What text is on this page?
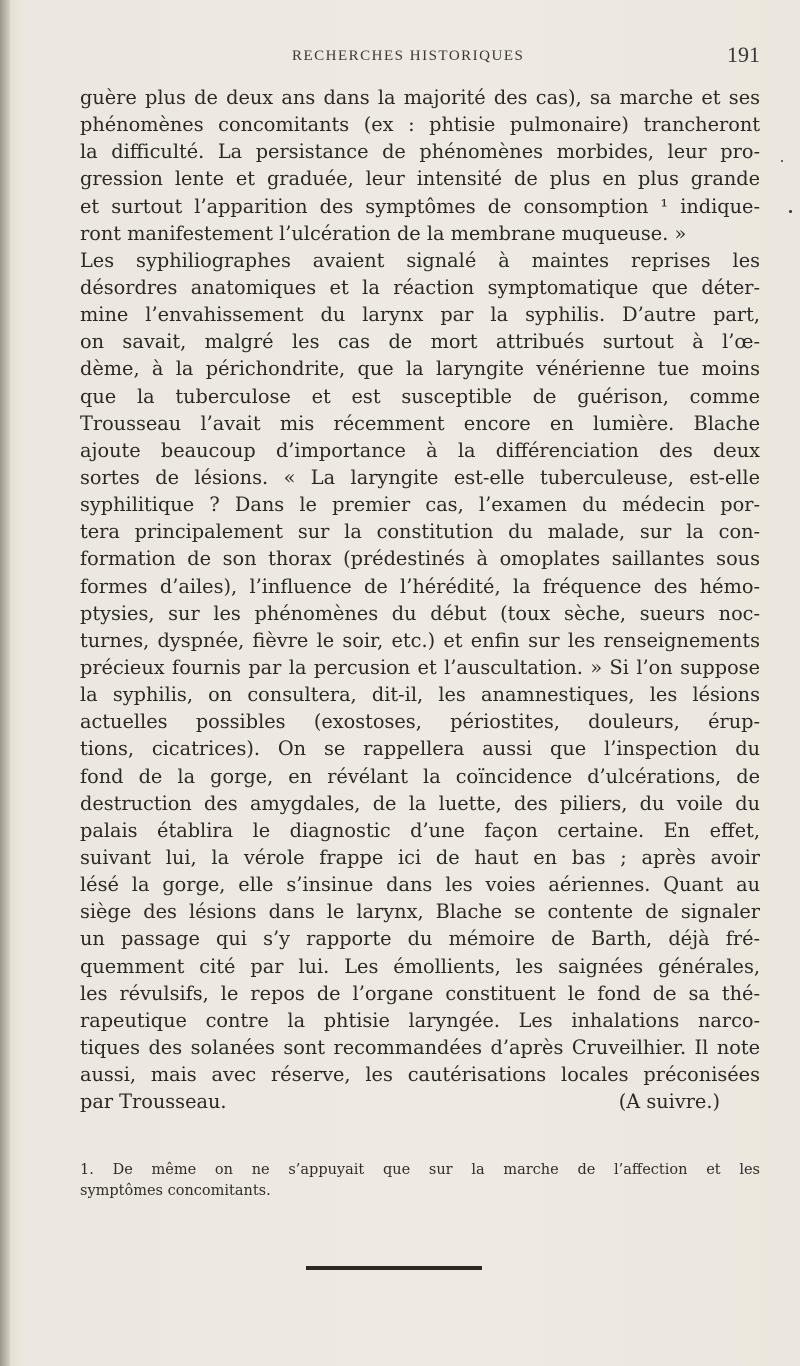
RECHERCHES HISTORIQUES	191
guère plus de deux ans dans la majorité des cas), sa marche et ses
phénomènes concomitants (ex : phtisie pulmonaire) trancheront
la difficulté. La persistance de phénomènes morbides, leur pro-
gression lente et graduée, leur intensité de plus en plus grande
et surtout l’apparition des symptômes de consomption ¹ indique-
ront manifestement l’ulcération de la membrane muqueuse. »
Les syphiliographes avaient signalé à maintes reprises les
désordres anatomiques et la réaction symptomatique que déter-
mine l’envahissement du larynx par la syphilis. D’autre part,
on savait, malgré les cas de mort attribués surtout à l’œ-
dème, à la périchondrite, que la laryngite vénérienne tue moins
que la tuberculose et est susceptible de guérison, comme
Trousseau l’avait mis récemment encore en lumière. Blache
ajoute beaucoup d’importance à la différenciation des deux
sortes de lésions. « La laryngite est-elle tuberculeuse, est-elle
syphilitique ? Dans le premier cas, l’examen du médecin por-
tera principalement sur la constitution du malade, sur la con-
formation de son thorax (prédestinés à omoplates saillantes sous
formes d’ailes), l’influence de l’hérédité, la fréquence des hémo-
ptysies, sur les phénomènes du début (toux sèche, sueurs noc-
turnes, dyspnée, fièvre le soir, etc.) et enfin sur les renseignements
précieux fournis par la percusion et l’auscultation. » Si l’on suppose
la syphilis, on consultera, dit-il, les anamnestiques, les lésions
actuelles possibles (exostoses, périostites, douleurs, érup-
tions, cicatrices). On se rappellera aussi que l’inspection du
fond de la gorge, en révélant la coïncidence d’ulcérations, de
destruction des amygdales, de la luette, des piliers, du voile du
palais établira le diagnostic d’une façon certaine. En effet,
suivant lui, la vérole frappe ici de haut en bas ; après avoir
lésé la gorge, elle s’insinue dans les voies aériennes. Quant au
siège des lésions dans le larynx, Blache se contente de signaler
un passage qui s’y rapporte du mémoire de Barth, déjà fré-
quemment cité par lui. Les émollients, les saignées générales,
les révulsifs, le repos de l’organe constituent le fond de sa thé-
rapeutique contre la phtisie laryngée. Les inhalations narco-
tiques des solanées sont recommandées d’après Cruveilhier. Il note
aussi, mais avec réserve, les cautérisations locales préconisées
par Trousseau.	(A suivre.)
1. De même on ne s’appuyait que sur la marche de l’affection et les
symptômes concomitants.
